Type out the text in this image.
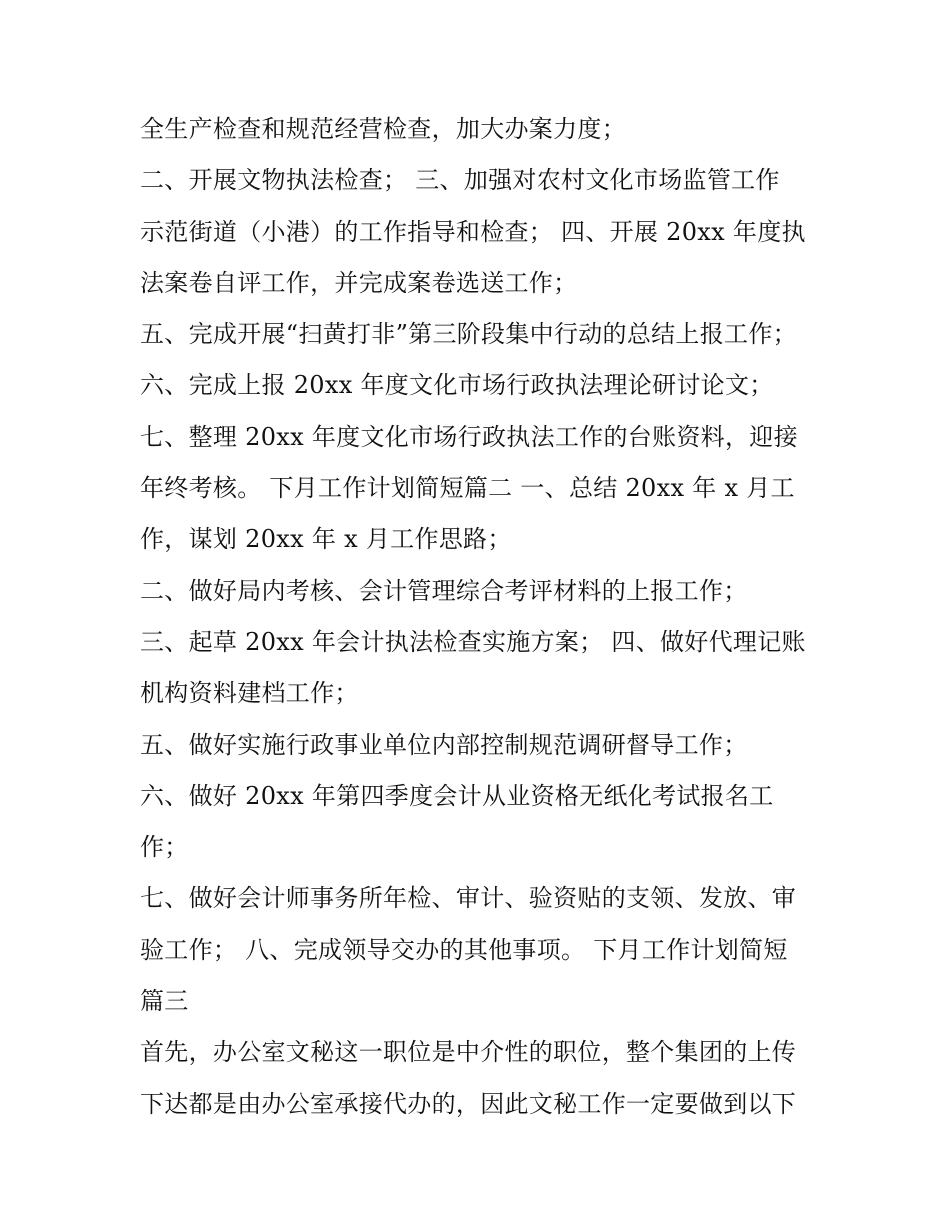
全生产检查和规范经营检查，加大办案力度；
二、开展文物执法检查； 三、加强对农村文化市场监管工作
示范街道（小港）的工作指导和检查； 四、开展 20xx 年度执
法案卷自评工作，并完成案卷选送工作；
五、完成开展“扫黄打非”第三阶段集中行动的总结上报工作；
六、完成上报 20xx 年度文化市场行政执法理论研讨论文；
七、整理 20xx 年度文化市场行政执法工作的台账资料，迎接
年终考核。 下月工作计划简短篇二 一、总结 20xx 年 x 月工
作，谋划 20xx 年 x 月工作思路；
二、做好局内考核、会计管理综合考评材料的上报工作；
三、起草 20xx 年会计执法检查实施方案； 四、做好代理记账
机构资料建档工作；
五、做好实施行政事业单位内部控制规范调研督导工作；
六、做好 20xx 年第四季度会计从业资格无纸化考试报名工
作；
七、做好会计师事务所年检、审计、验资贴的支领、发放、审
验工作； 八、完成领导交办的其他事项。 下月工作计划简短
篇三
首先，办公室文秘这一职位是中介性的职位，整个集团的上传
下达都是由办公室承接代办的，因此文秘工作一定要做到以下
